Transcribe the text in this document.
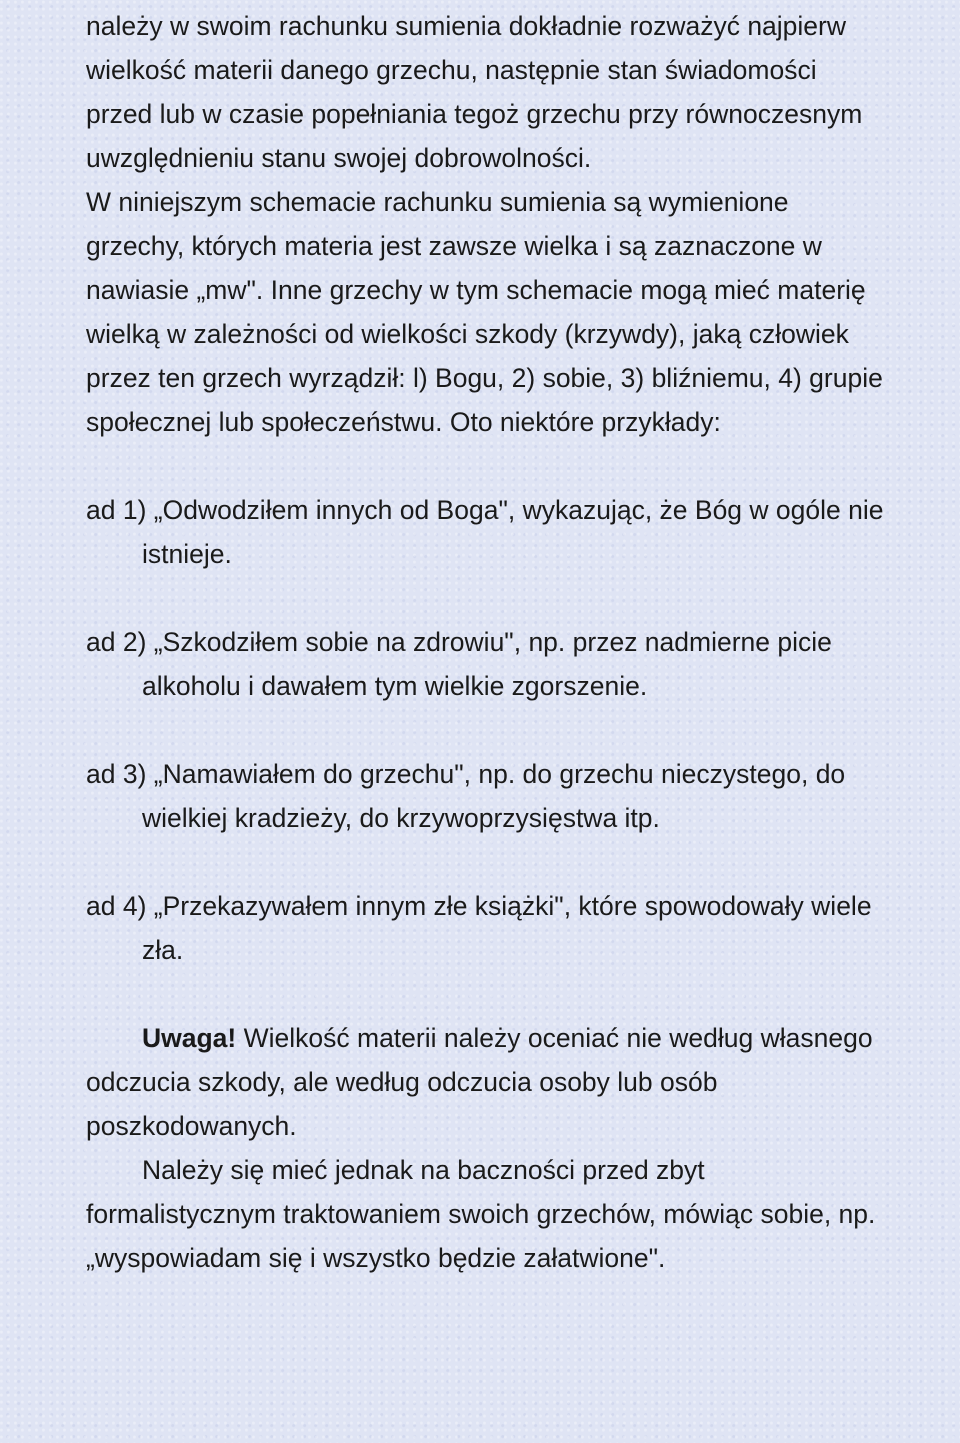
należy w swoim rachunku sumienia dokładnie rozważyć najpierw wielkość materii danego grzechu, następnie stan świadomości przed lub w czasie popełniania tegoż grzechu przy równoczesnym uwzględnieniu stanu swojej dobrowolności.

W niniejszym schemacie rachunku sumienia są wymienione grzechy, których materia jest zawsze wielka i są zaznaczone w nawiasie „mw". Inne grzechy w tym schemacie mogą mieć materię wielką w zależności od wielkości szkody (krzywdy), jaką człowiek przez ten grzech wyrządził: l) Bogu, 2) sobie, 3) bliźniemu, 4) grupie społecznej lub społeczeństwu. Oto niektóre przykłady:

ad 1) „Odwodziłem innych od Boga", wykazując, że Bóg w ogóle nie istnieje.

ad 2) „Szkodziłem sobie na zdrowiu", np. przez nadmierne picie alkoholu i dawałem tym wielkie zgorszenie.

ad 3) „Namawiałem do grzechu", np. do grzechu nieczystego, do wielkiej kradzieży, do krzywoprzysięstwa itp.

ad 4) „Przekazywałem innym złe książki", które spowodowały wiele zła.

Uwaga! Wielkość materii należy oceniać nie według własnego odczucia szkody, ale według odczucia osoby lub osób poszkodowanych.

Należy się mieć jednak na baczności przed zbyt formalistycznym traktowaniem swoich grzechów, mówiąc sobie, np. „wyspowiadam się i wszystko będzie załatwione".
